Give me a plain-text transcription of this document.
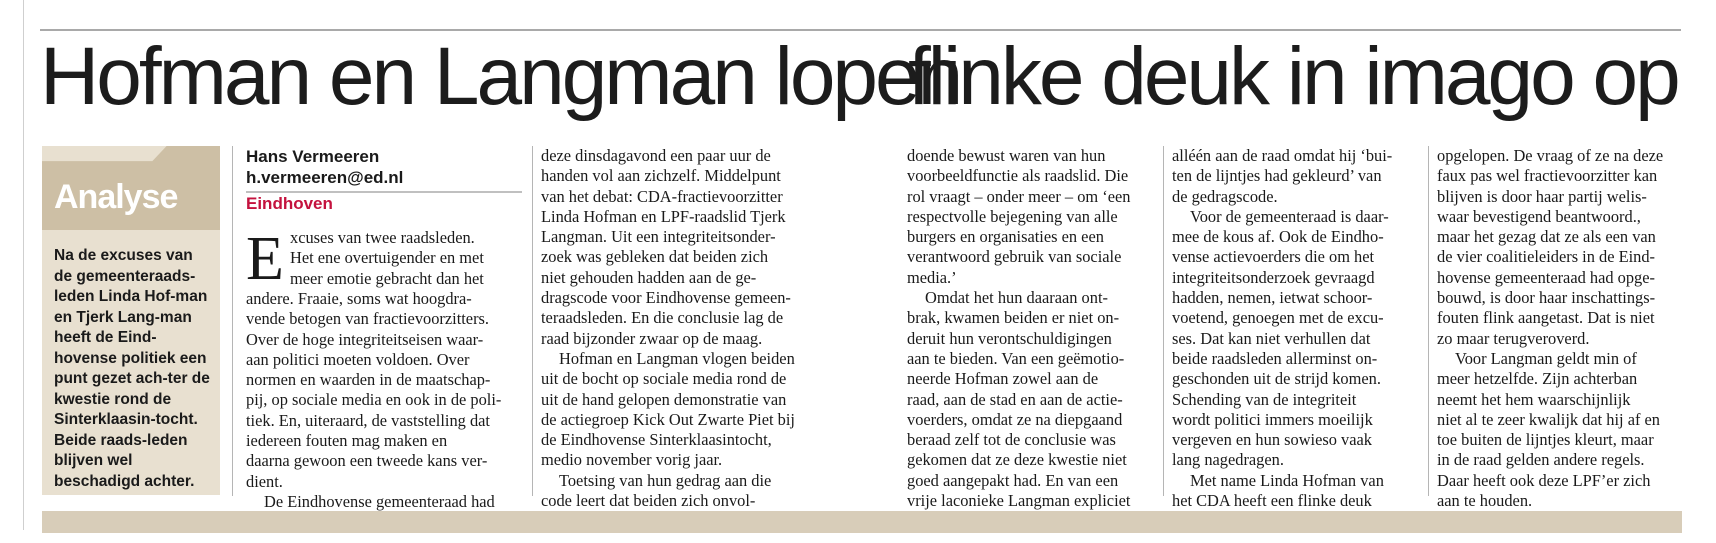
Hofman en Langman lopen
flinke deuk in imago op
Analyse
Na de excuses van de gemeenteraads-leden Linda Hof-man en Tjerk Lang-man heeft de Eind-hovense politiek een punt gezet ach-ter de kwestie rond de Sinterklaasin-tocht. Beide raads-leden blijven wel beschadigd achter.
Hans Vermeeren
h.vermeeren@ed.nl
Eindhoven
E xcuses van twee raadsleden.
Het ene overtuigender en met
meer emotie gebracht dan het
andere. Fraaie, soms wat hoogdra-
vende betogen van fractievoorzitters.
Over de hoge integriteitseisen waar-
aan politici moeten voldoen. Over
normen en waarden in de maatschap-
pij, op sociale media en ook in de poli-
tiek. En, uiteraard, de vaststelling dat
iedereen fouten mag maken en
daarna gewoon een tweede kans ver-
dient.
De Eindhovense gemeenteraad had
deze dinsdagavond een paar uur de
handen vol aan zichzelf. Middelpunt
van het debat: CDA-fractievoorzitter
Linda Hofman en LPF-raadslid Tjerk
Langman. Uit een integriteitsonder-
zoek was gebleken dat beiden zich
niet gehouden hadden aan de ge-
dragscode voor Eindhovense gemeen-
teraadsleden. En die conclusie lag de
raad bijzonder zwaar op de maag.
Hofman en Langman vlogen beiden
uit de bocht op sociale media rond de
uit de hand gelopen demonstratie van
de actiegroep Kick Out Zwarte Piet bij
de Eindhovense Sinterklaasintocht,
medio november vorig jaar.
Toetsing van hun gedrag aan die
code leert dat beiden zich onvol-
doende bewust waren van hun
voorbeeldfunctie als raadslid. Die
rol vraagt – onder meer – om ‘een
respectvolle bejegening van alle
burgers en organisaties en een
verantwoord gebruik van sociale
media.’
Omdat het hun daaraan ont-
brak, kwamen beiden er niet on-
deruit hun verontschuldigingen
aan te bieden. Van een geëmotio-
neerde Hofman zowel aan de
raad, aan de stad en aan de actie-
voerders, omdat ze na diepgaand
beraad zelf tot de conclusie was
gekomen dat ze deze kwestie niet
goed aangepakt had. En van een
vrije laconieke Langman expliciet
alléén aan de raad omdat hij ‘bui-
ten de lijntjes had gekleurd’ van
de gedragscode.
Voor de gemeenteraad is daar-
mee de kous af. Ook de Eindho-
vense actievoerders die om het
integriteitsonderzoek gevraagd
hadden, nemen, ietwat schoor-
voetend, genoegen met de excu-
ses. Dat kan niet verhullen dat
beide raadsleden allerminst on-
geschonden uit de strijd komen.
Schending van de integriteit
wordt politici immers moeilijk
vergeven en hun sowieso vaak
lang nagedragen.
Met name Linda Hofman van
het CDA heeft een flinke deuk
opgelopen. De vraag of ze na deze
faux pas wel fractievoorzitter kan
blijven is door haar partij welis-
waar bevestigend beantwoord.,
maar het gezag dat ze als een van
de vier coalitieleiders in de Eind-
hovense gemeenteraad had opge-
bouwd, is door haar inschattings-
fouten flink aangetast. Dat is niet
zo maar terugveroverd.
Voor Langman geldt min of
meer hetzelfde. Zijn achterban
neemt het hem waarschijnlijk
niet al te zeer kwalijk dat hij af en
toe buiten de lijntjes kleurt, maar
in de raad gelden andere regels.
Daar heeft ook deze LPF’er zich
aan te houden.
